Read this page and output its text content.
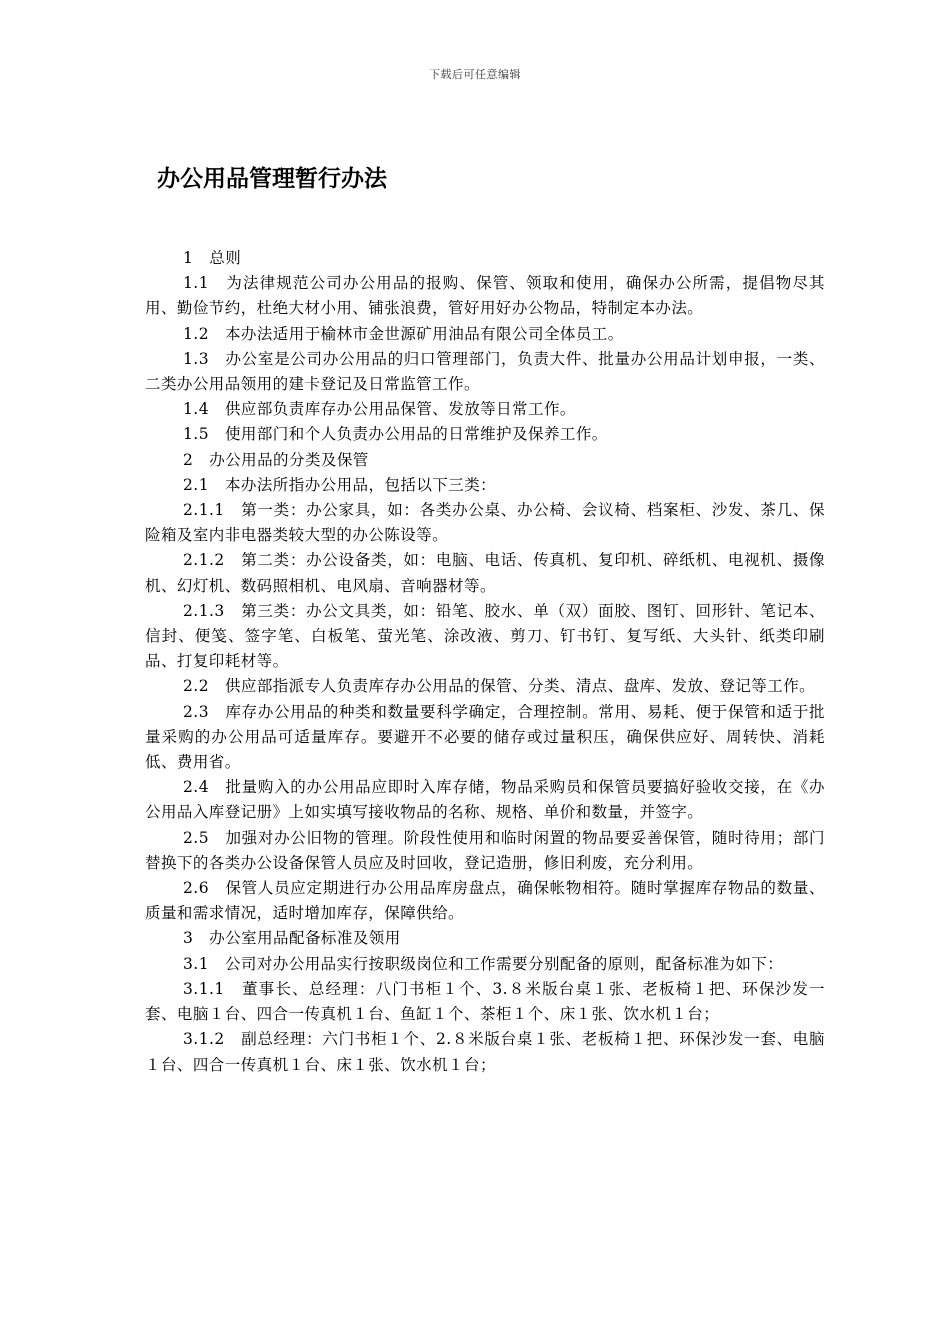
下载后可任意编辑
办公用品管理暂行办法

1　总则

1.1　为法律规范公司办公用品的报购、保管、领取和使用，确保办公所需，提倡物尽其用、勤俭节约，杜绝大材小用、铺张浪费，管好用好办公物品，特制定本办法。

1.2　本办法适用于榆林市金世源矿用油品有限公司全体员工。

1.3　办公室是公司办公用品的归口管理部门，负责大件、批量办公用品计划申报，一类、二类办公用品领用的建卡登记及日常监管工作。

1.4　供应部负责库存办公用品保管、发放等日常工作。

1.5　使用部门和个人负责办公用品的日常维护及保养工作。

2　办公用品的分类及保管

2.1　本办法所指办公用品，包括以下三类：

2.1.1　第一类：办公家具，如：各类办公桌、办公椅、会议椅、档案柜、沙发、茶几、保险箱及室内非电器类较大型的办公陈设等。

2.1.2　第二类：办公设备类，如：电脑、电话、传真机、复印机、碎纸机、电视机、摄像机、幻灯机、数码照相机、电风扇、音响器材等。

2.1.3　第三类：办公文具类，如：铅笔、胶水、单（双）面胶、图钉、回形针、笔记本、信封、便笺、签字笔、白板笔、萤光笔、涂改液、剪刀、钉书钉、复写纸、大头针、纸类印刷品、打复印耗材等。

2.2　供应部指派专人负责库存办公用品的保管、分类、清点、盘库、发放、登记等工作。

2.3　库存办公用品的种类和数量要科学确定，合理控制。常用、易耗、便于保管和适于批量采购的办公用品可适量库存。要避开不必要的储存或过量积压，确保供应好、周转快、消耗低、费用省。

2.4　批量购入的办公用品应即时入库存储，物品采购员和保管员要搞好验收交接，在《办公用品入库登记册》上如实填写接收物品的名称、规格、单价和数量，并签字。

2.5　加强对办公旧物的管理。阶段性使用和临时闲置的物品要妥善保管，随时待用；部门替换下的各类办公设备保管人员应及时回收，登记造册，修旧利废，充分利用。

2.6　保管人员应定期进行办公用品库房盘点，确保帐物相符。随时掌握库存物品的数量、质量和需求情况，适时增加库存，保障供给。

3　办公室用品配备标准及领用

3.1　公司对办公用品实行按职级岗位和工作需要分别配备的原则，配备标准为如下：

3.1.1　董事长、总经理：八门书柜１个、3.８米版台桌１张、老板椅１把、环保沙发一套、电脑１台、四合一传真机１台、鱼缸１个、茶柜１个、床１张、饮水机１台；

3.1.2　副总经理：六门书柜１个、2.８米版台桌１张、老板椅１把、环保沙发一套、电脑１台、四合一传真机１台、床１张、饮水机１台；
